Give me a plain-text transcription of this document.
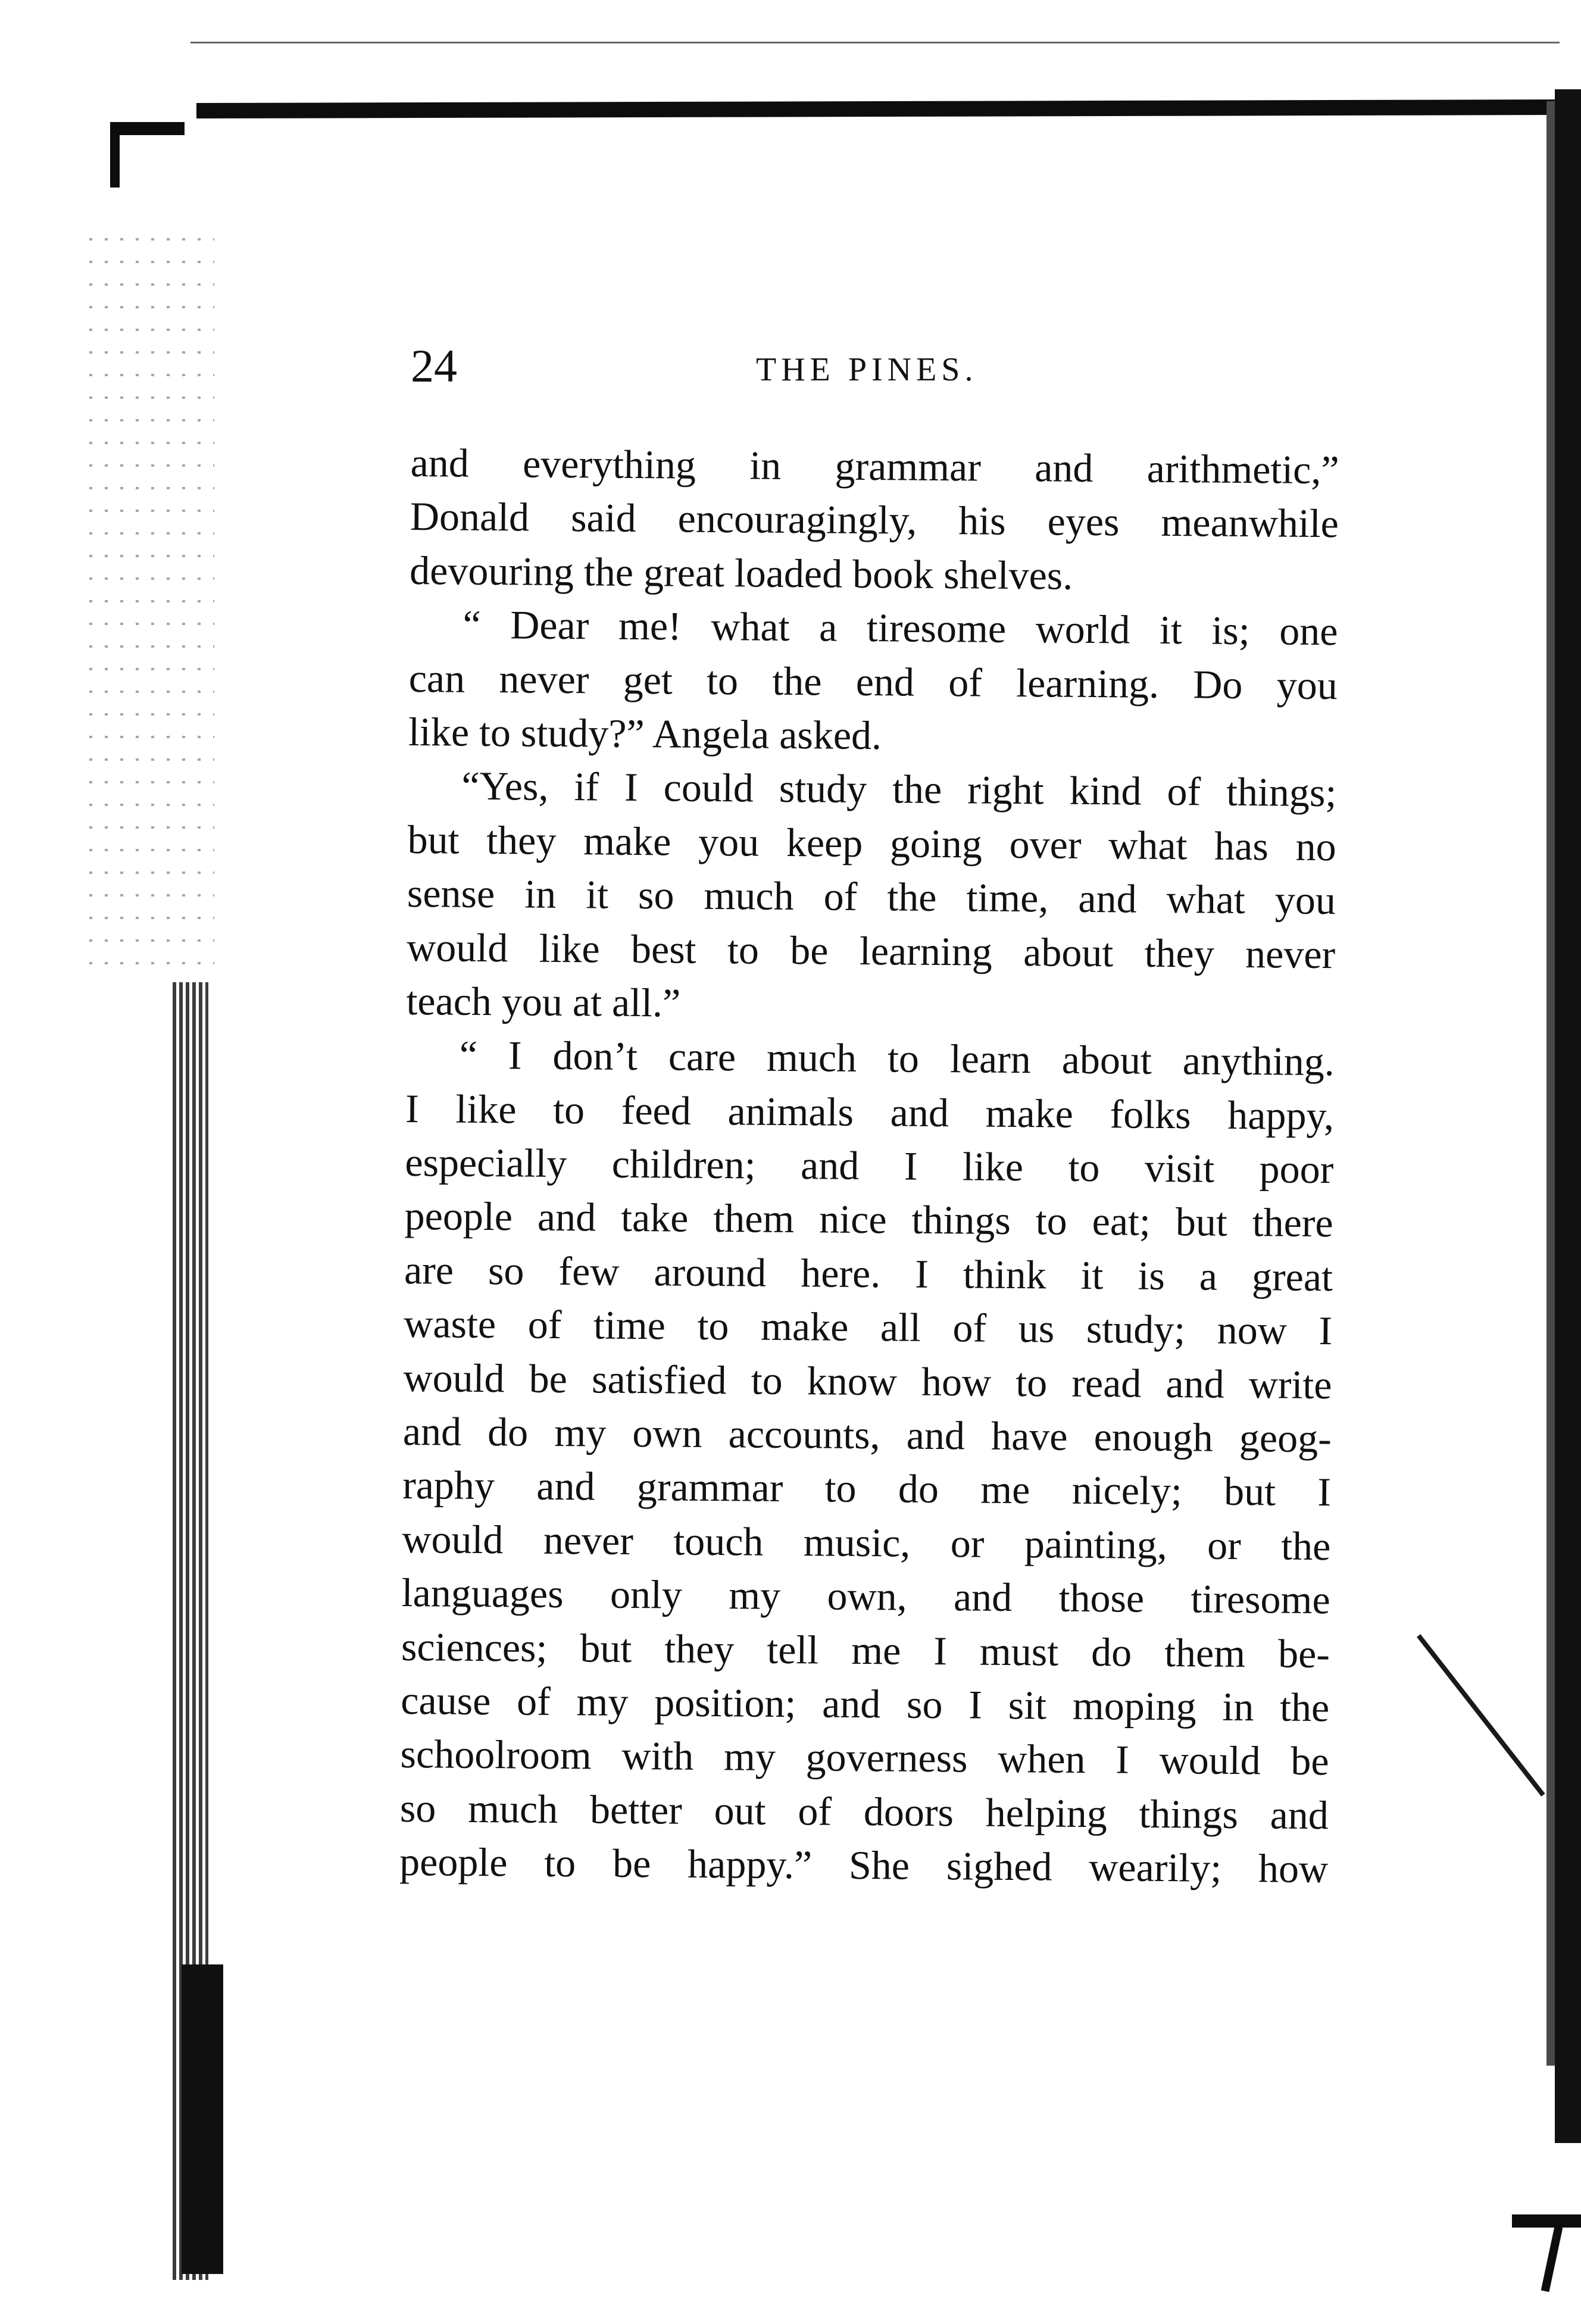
24	THE PINES.
and everything in grammar and arithmetic,”
Donald said encouragingly, his eyes meanwhile
devouring the great loaded book shelves.
“ Dear me! what a tiresome world it is; one
can never get to the end of learning. Do you
like to study?” Angela asked.
“Yes, if I could study the right kind of things;
but they make you keep going over what has no
sense in it so much of the time, and what you
would like best to be learning about they never
teach you at all.”
“ I don’t care much to learn about anything.
I like to feed animals and make folks happy,
especially children; and I like to visit poor
people and take them nice things to eat; but there
are so few around here. I think it is a great
waste of time to make all of us study; now I
would be satisfied to know how to read and write
and do my own accounts, and have enough geog-
raphy and grammar to do me nicely; but I
would never touch music, or painting, or the
languages only my own, and those tiresome
sciences; but they tell me I must do them be-
cause of my position; and so I sit moping in the
schoolroom with my governess when I would be
so much better out of doors helping things and
people to be happy.” She sighed wearily; how
